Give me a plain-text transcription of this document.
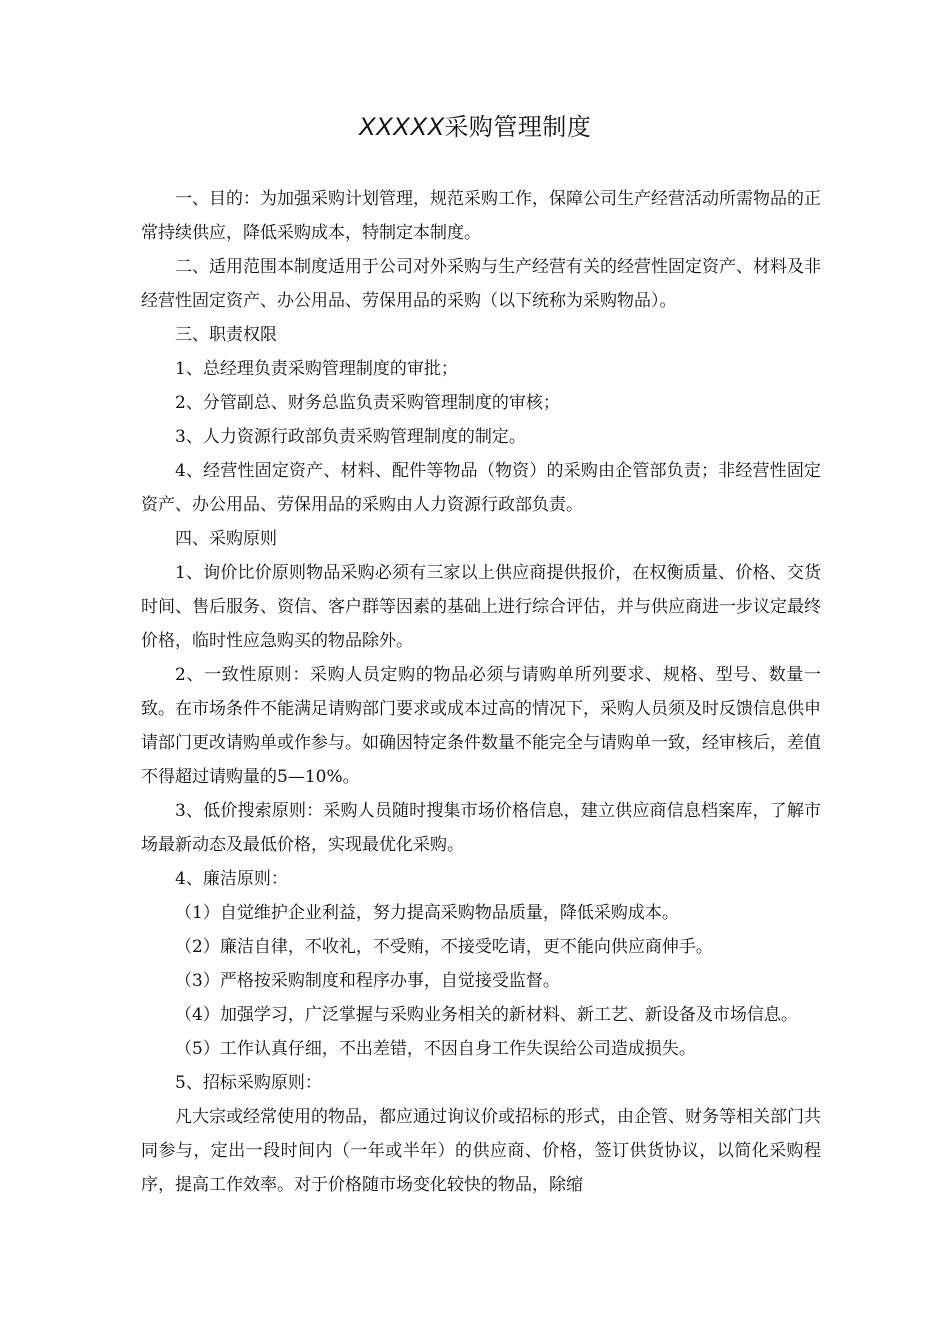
XXXXX采购管理制度

一、目的：为加强采购计划管理，规范采购工作，保障公司生产经营活动所需物品的正常持续供应，降低采购成本，特制定本制度。

二、适用范围本制度适用于公司对外采购与生产经营有关的经营性固定资产、材料及非经营性固定资产、办公用品、劳保用品的采购（以下统称为采购物品）。

三、职责权限

1、总经理负责采购管理制度的审批；

2、分管副总、财务总监负责采购管理制度的审核；

3、人力资源行政部负责采购管理制度的制定。

4、经营性固定资产、材料、配件等物品（物资）的采购由企管部负责；非经营性固定资产、办公用品、劳保用品的采购由人力资源行政部负责。

四、采购原则

1、询价比价原则物品采购必须有三家以上供应商提供报价，在权衡质量、价格、交货时间、售后服务、资信、客户群等因素的基础上进行综合评估，并与供应商进一步议定最终价格，临时性应急购买的物品除外。

2、一致性原则：采购人员定购的物品必须与请购单所列要求、规格、型号、数量一致。在市场条件不能满足请购部门要求或成本过高的情况下，采购人员须及时反馈信息供申请部门更改请购单或作参与。如确因特定条件数量不能完全与请购单一致，经审核后，差值不得超过请购量的5—10%。

3、低价搜索原则：采购人员随时搜集市场价格信息，建立供应商信息档案库，了解市场最新动态及最低价格，实现最优化采购。

4、廉洁原则：

（1）自觉维护企业利益，努力提高采购物品质量，降低采购成本。

（2）廉洁自律，不收礼，不受贿，不接受吃请，更不能向供应商伸手。

（3）严格按采购制度和程序办事，自觉接受监督。

（4）加强学习，广泛掌握与采购业务相关的新材料、新工艺、新设备及市场信息。

（5）工作认真仔细，不出差错，不因自身工作失误给公司造成损失。

5、招标采购原则：

凡大宗或经常使用的物品，都应通过询议价或招标的形式，由企管、财务等相关部门共同参与，定出一段时间内（一年或半年）的供应商、价格，签订供货协议，以简化采购程序，提高工作效率。对于价格随市场变化较快的物品，除缩
